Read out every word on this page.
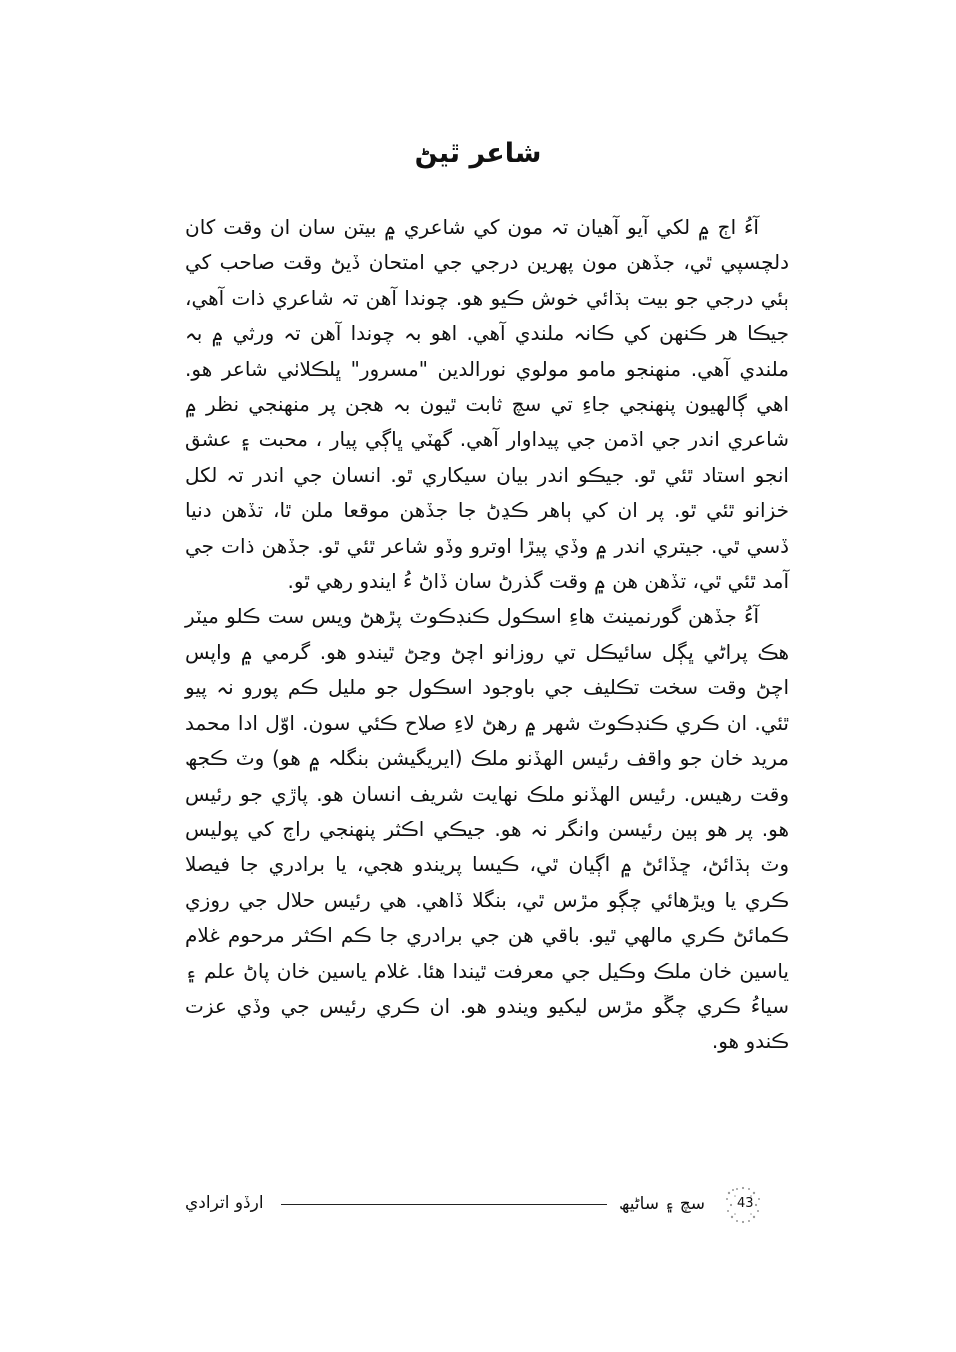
شاعر ٿيڻ

آءُ اڄ ۾ لکي آيو آهيان تہ مون کي شاعري ۾ بيتن سان ان وقت کان دلچسپي ٿي، جڏهن مون پهرين درجي جي امتحان ڏيڻ وقت صاحب کي ٻئي درجي جو بيت ٻڌائي خوش ڪيو هو. چوندا آهن تہ شاعري ذات آهي، جيڪا هر ڪنهن کي ڪانہ ملندي آهي. اهو بہ چوندا آهن تہ ورثي ۾ بہ ملندي آهي. منهنجو مامو مولوي نورالدين "مسرور" ڀلڪلاٺي شاعر هو. اهي ڳالهيون پنهنجي جاءِ تي سچ ثابت ٿيون بہ هجن پر منهنجي نظر ۾ شاعري اندر جي اڌمن جي پيداوار آهي. گهٽي ڀاڳي پيار ، محبت ۽ عشق انجو استاد ٿئي ٿو. جيڪو اندر بيان سيکاري ٿو. انسان جي اندر تہ لکل خزانو ٿئي ٿو. پر ان کي ٻاهر ڪڍڻ جا جڏهن موقعا ملن ٿا، تڏهن دنيا ڏسي ٿي. جيتري اندر ۾ وڏي پيڙا اوترو وڏو شاعر ٿئي ٿو. جڏهن ذات جي آمد ٿئي ٿي، تڏهن هن ۾ وقت گذرڻ سان ڏاڻ ءُ ايندو رهي ٿو.

آءُ جڏهن گورنمينٽ هاءِ اسڪول ڪنڊڪوٽ پڙهڻ ويس ست ڪلو ميٽر هڪ پراڻي ڀڳل سائيڪل تي روزانو اچڻ وڃڻ ٿيندو هو. گرمي ۾ واپس اچڻ وقت سخت تڪليف جي باوجود اسڪول جو مليل ڪم پورو نہ پيو ٿئي. ان ڪري ڪنڊڪوٽ شهر ۾ رهڻ لاءِ صلاح ڪئي سون. اوّل ادا محمد مريد خان جو واقف رئيس الھڏنو ملڪ (ايريگيشن بنگلہ ۾ هو) وٽ ڪجھ وقت رهيس. رئيس الھڏنو ملڪ نهايت شريف انسان هو. پاڙي جو رئيس هو. پر هو ٻين رئيسن وانگر نہ هو. جيڪي اڪثر پنهنجي راڄ کي پوليس وٽ ٻڌائڻ، ڇڏائڻ ۾ اڳيان ٿي، ڪيسا پريندو هجي، يا برادري جا فيصلا ڪري يا ويڙهائي چڳو مڙس ٿي، بنگلا ڏاهي. هي رئيس حلال جي روزي ڪمائڻ ڪري مالھي ٿيو. باقي هن جي برادري جا ڪم اڪثر مرحوم غلام ياسين خان ملڪ وڪيل جي معرفت ٿيندا هئا. غلام ياسين خان پاڻ علم ۽ سياءُ ڪري چڱو مڙس ليکيو ويندو هو. ان ڪري رئيس جي وڏي عزت ڪندو هو.

ارڏو اترادي	سچ ۽ ساڻيھ 43
